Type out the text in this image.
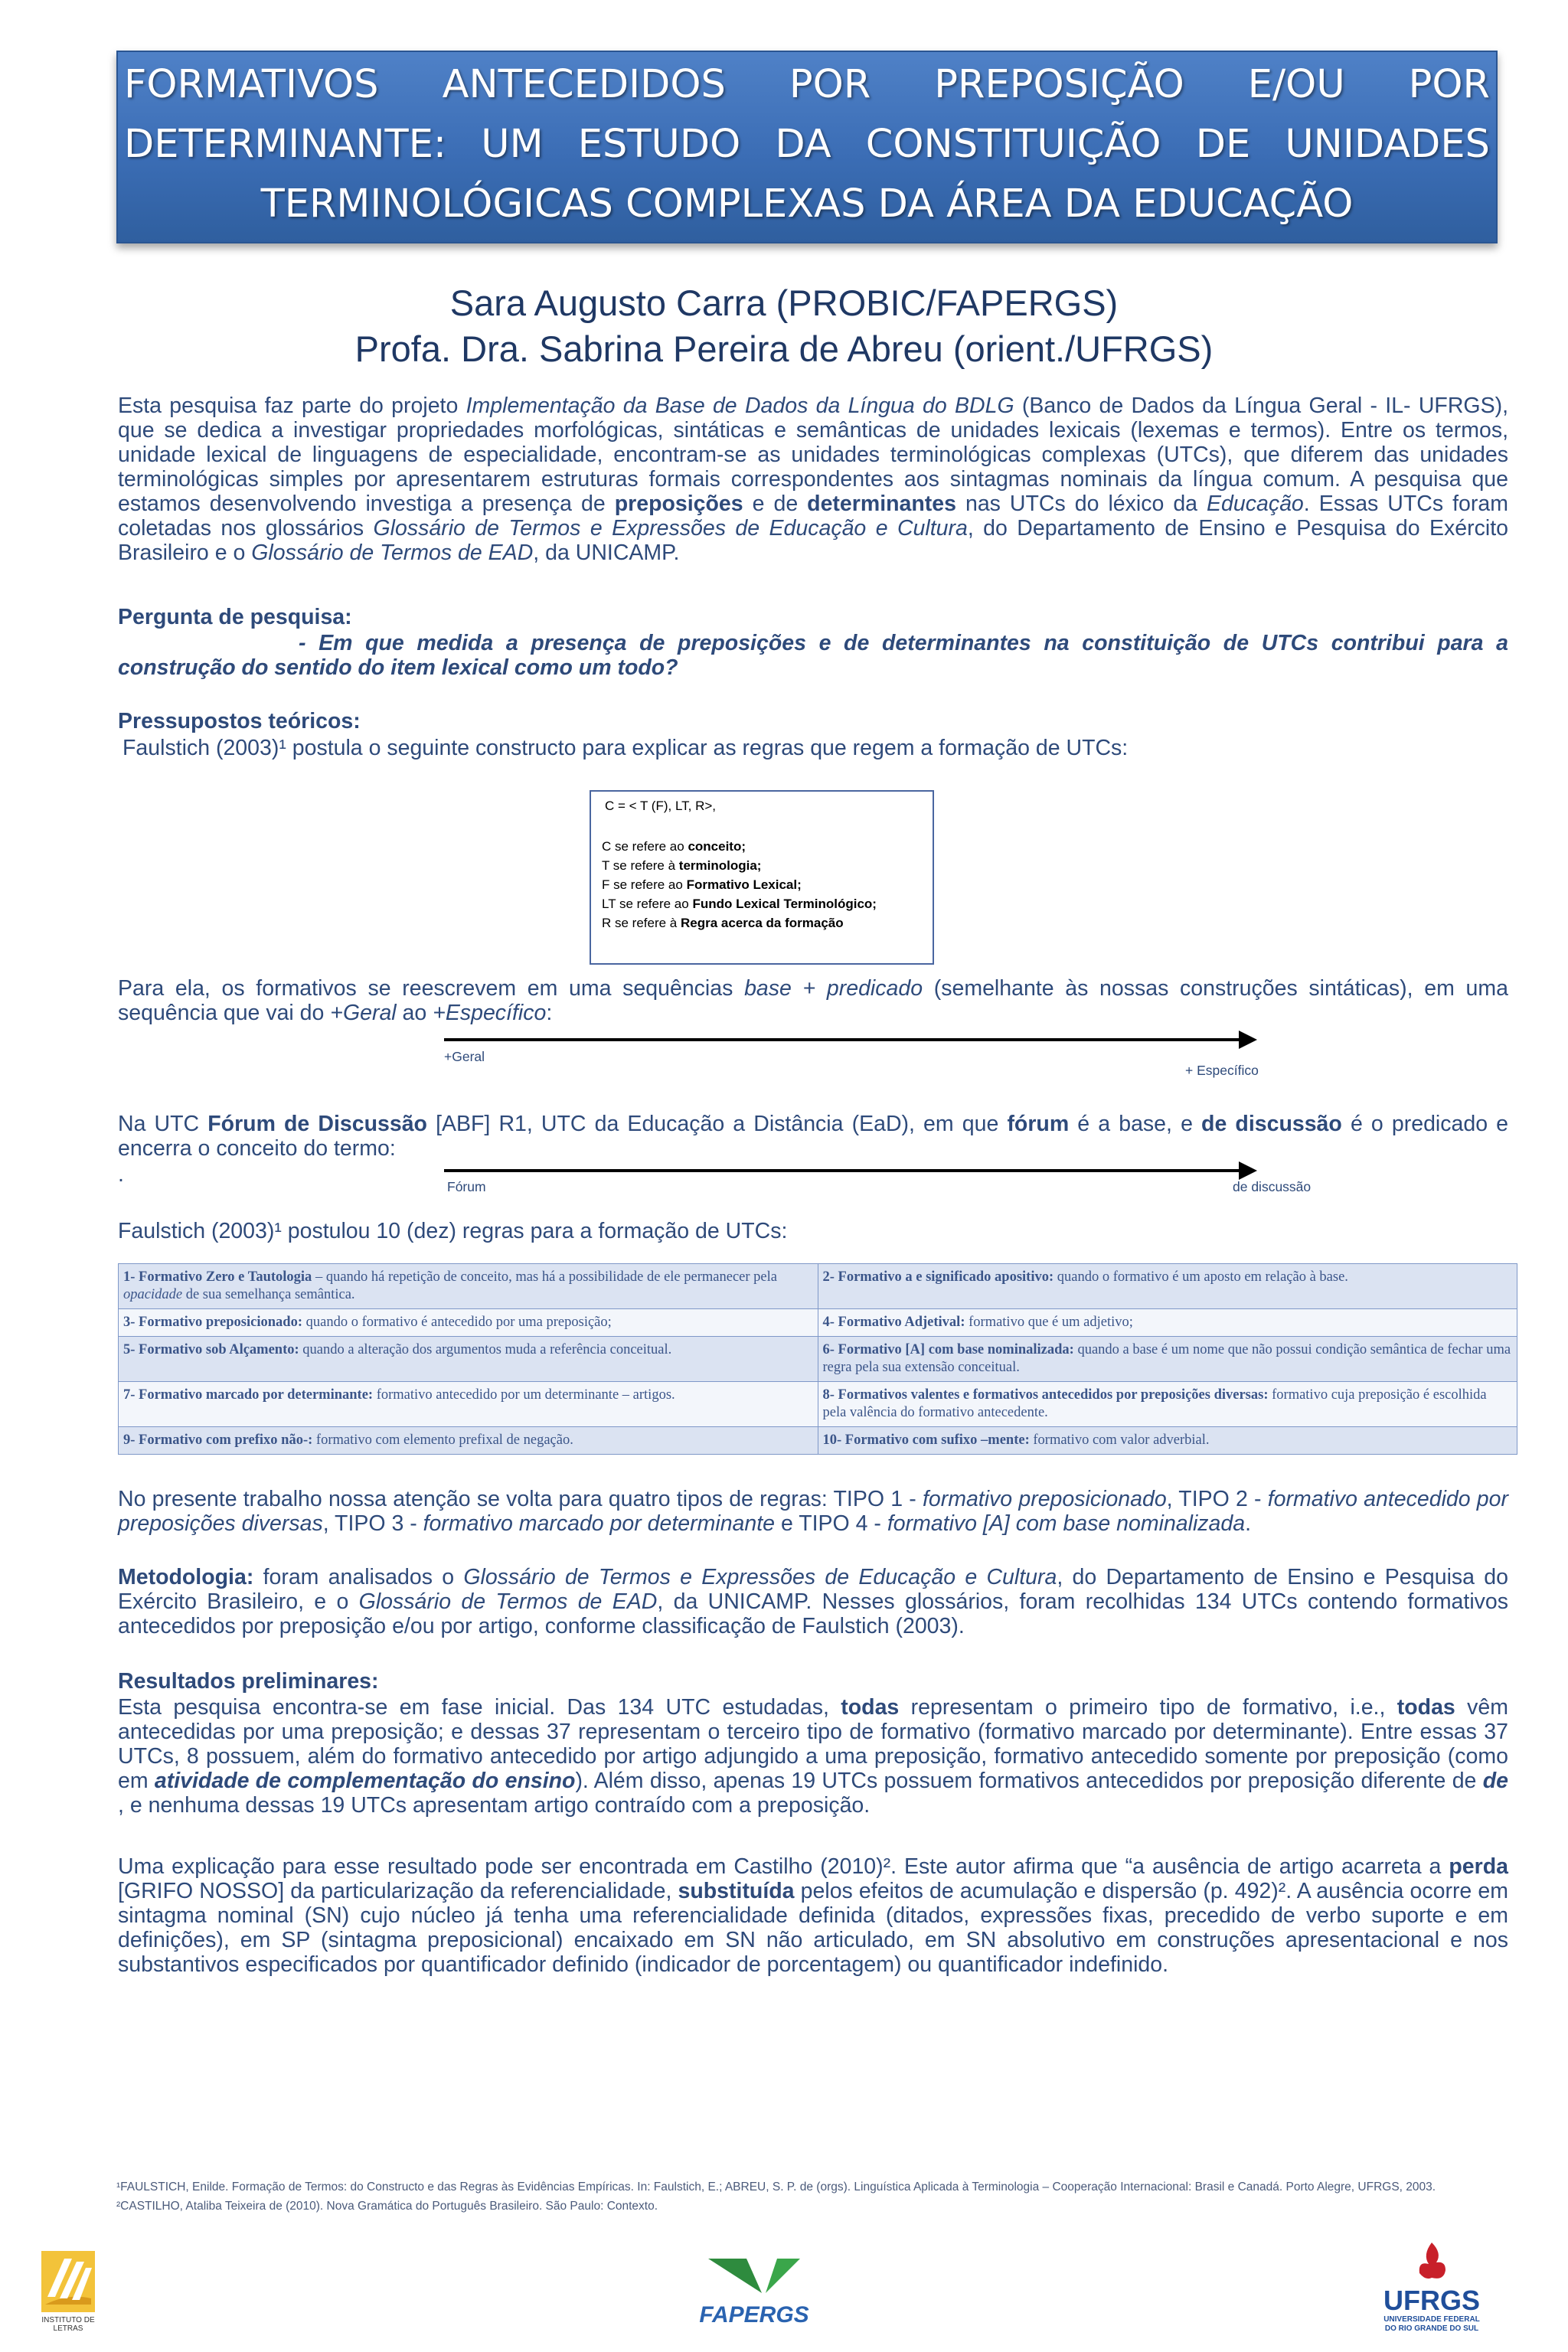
FORMATIVOS ANTECEDIDOS POR PREPOSIÇÃO E/OU POR
DETERMINANTE: UM ESTUDO DA CONSTITUIÇÃO DE UNIDADES
TERMINOLÓGICAS COMPLEXAS DA ÁREA DA EDUCAÇÃO
Sara Augusto Carra (PROBIC/FAPERGS)
Profa. Dra. Sabrina Pereira de Abreu (orient./UFRGS)
Esta pesquisa faz parte do projeto Implementação da Base de Dados da Língua do BDLG (Banco de Dados da Língua Geral - IL- UFRGS), que se dedica a investigar propriedades morfológicas, sintáticas e semânticas de unidades lexicais (lexemas e termos). Entre os termos, unidade lexical de linguagens de especialidade, encontram-se as unidades terminológicas complexas (UTCs), que diferem das unidades terminológicas simples por apresentarem estruturas formais correspondentes aos sintagmas nominais da língua comum. A pesquisa que estamos desenvolvendo investiga a presença de preposições e de determinantes nas UTCs do léxico da Educação. Essas UTCs foram coletadas nos glossários Glossário de Termos e Expressões de Educação e Cultura, do Departamento de Ensino e Pesquisa do Exército Brasileiro e o Glossário de Termos de EAD, da UNICAMP.
Pergunta de pesquisa:
- Em que medida a presença de preposições e de determinantes na constituição de UTCs contribui para a construção do sentido do item lexical como um todo?
Pressupostos teóricos:
Faulstich (2003)¹ postula o seguinte constructo para explicar as regras que regem a formação de UTCs:
C = < T (F), LT, R>,
C se refere ao conceito;
T se refere à terminologia;
F se refere ao Formativo Lexical;
LT se refere ao Fundo Lexical Terminológico;
R se refere à Regra acerca da formação
Para ela, os formativos se reescrevem em uma sequências base + predicado (semelhante às nossas construções sintáticas), em uma sequência que vai do +Geral ao +Específico:
+Geral
+ Específico
Na UTC Fórum de Discussão [ABF] R1, UTC da Educação a Distância (EaD), em que fórum é a base, e de discussão é o predicado e encerra o conceito do termo:
.	Fórum	de discussão
Faulstich (2003)¹ postulou 10 (dez) regras para a formação de UTCs:
1- Formativo Zero e Tautologia – quando há repetição de conceito, mas há a possibilidade de ele permanecer pela opacidade de sua semelhança semântica.	2- Formativo a e significado apositivo: quando o formativo é um aposto em relação à base.
3- Formativo preposicionado: quando o formativo é antecedido por uma preposição;	4- Formativo Adjetival: formativo que é um adjetivo;
5- Formativo sob Alçamento: quando a alteração dos argumentos muda a referência conceitual.	6- Formativo [A] com base nominalizada: quando a base é um nome que não possui condição semântica de fechar uma regra pela sua extensão conceitual.
7- Formativo marcado por determinante: formativo antecedido por um determinante – artigos.	8- Formativos valentes e formativos antecedidos por preposições diversas: formativo cuja preposição é escolhida pela valência do formativo antecedente.
9- Formativo com prefixo não-: formativo com elemento prefixal de negação.	10- Formativo com sufixo –mente: formativo com valor adverbial.
No presente trabalho nossa atenção se volta para quatro tipos de regras: TIPO 1 - formativo preposicionado, TIPO 2 - formativo antecedido por preposições diversas, TIPO 3 - formativo marcado por determinante e TIPO 4 - formativo [A] com base nominalizada.
Metodologia: foram analisados o Glossário de Termos e Expressões de Educação e Cultura, do Departamento de Ensino e Pesquisa do Exército Brasileiro, e o Glossário de Termos de EAD, da UNICAMP. Nesses glossários, foram recolhidas 134 UTCs contendo formativos antecedidos por preposição e/ou por artigo, conforme classificação de Faulstich (2003).
Resultados preliminares:
Esta pesquisa encontra-se em fase inicial. Das 134 UTC estudadas, todas representam o primeiro tipo de formativo, i.e., todas vêm antecedidas por uma preposição; e dessas 37 representam o terceiro tipo de formativo (formativo marcado por determinante). Entre essas 37 UTCs, 8 possuem, além do formativo antecedido por artigo adjungido a uma preposição, formativo antecedido somente por preposição (como em atividade de complementação do ensino). Além disso, apenas 19 UTCs possuem formativos antecedidos por preposição diferente de de , e nenhuma dessas 19 UTCs apresentam artigo contraído com a preposição.
Uma explicação para esse resultado pode ser encontrada em Castilho (2010)². Este autor afirma que “a ausência de artigo acarreta a perda [GRIFO NOSSO] da particularização da referencialidade, substituída pelos efeitos de acumulação e dispersão (p. 492)². A ausência ocorre em sintagma nominal (SN) cujo núcleo já tenha uma referencialidade definida (ditados, expressões fixas, precedido de verbo suporte e em definições), em SP (sintagma preposicional) encaixado em SN não articulado, em SN absolutivo em construções apresentacional e nos substantivos especificados por quantificador definido (indicador de porcentagem) ou quantificador indefinido.
¹FAULSTICH, Enilde. Formação de Termos: do Constructo e das Regras às Evidências Empíricas. In: Faulstich, E.; ABREU, S. P. de (orgs). Linguística Aplicada à Terminologia – Cooperação Internacional: Brasil e Canadá. Porto Alegre, UFRGS, 2003.
²CASTILHO, Ataliba Teixeira de (2010). Nova Gramática do Português Brasileiro. São Paulo: Contexto.
INSTITUTO DE LETRAS
FAPERGS	UFRGS
UNIVERSIDADE FEDERAL
DO RIO GRANDE DO SUL
